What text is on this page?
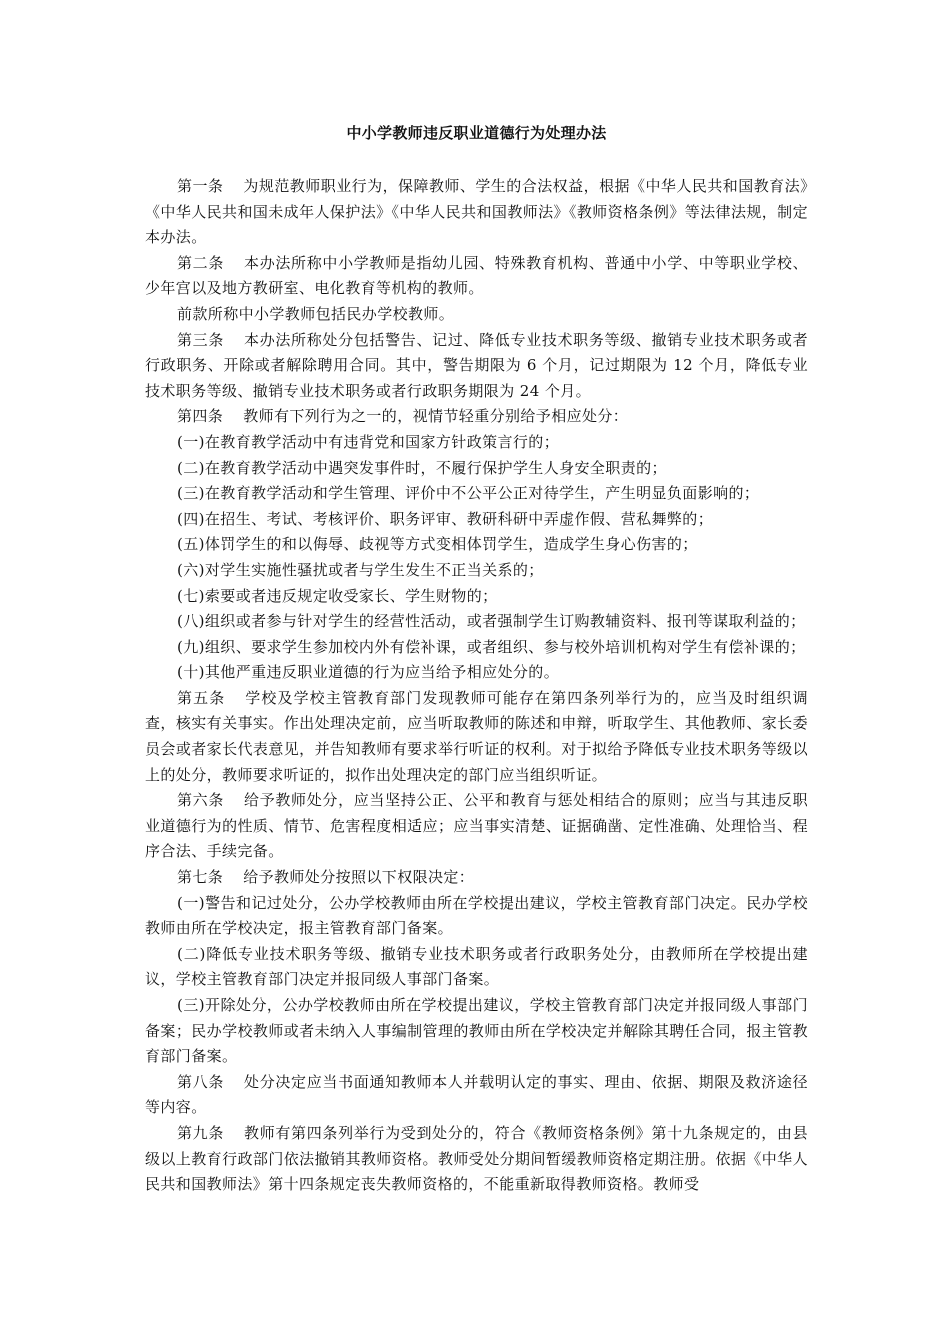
中小学教师违反职业道德行为处理办法

第一条 为规范教师职业行为，保障教师、学生的合法权益，根据《中华人民共和国教育法》《中华人民共和国未成年人保护法》《中华人民共和国教师法》《教师资格条例》等法律法规，制定本办法。

第二条 本办法所称中小学教师是指幼儿园、特殊教育机构、普通中小学、中等职业学校、少年宫以及地方教研室、电化教育等机构的教师。

前款所称中小学教师包括民办学校教师。

第三条 本办法所称处分包括警告、记过、降低专业技术职务等级、撤销专业技术职务或者行政职务、开除或者解除聘用合同。其中，警告期限为 6 个月，记过期限为 12 个月，降低专业技术职务等级、撤销专业技术职务或者行政职务期限为 24 个月。

第四条 教师有下列行为之一的，视情节轻重分别给予相应处分：

(一)在教育教学活动中有违背党和国家方针政策言行的；

(二)在教育教学活动中遇突发事件时，不履行保护学生人身安全职责的；

(三)在教育教学活动和学生管理、评价中不公平公正对待学生，产生明显负面影响的；

(四)在招生、考试、考核评价、职务评审、教研科研中弄虚作假、营私舞弊的；

(五)体罚学生的和以侮辱、歧视等方式变相体罚学生，造成学生身心伤害的；

(六)对学生实施性骚扰或者与学生发生不正当关系的；

(七)索要或者违反规定收受家长、学生财物的；

(八)组织或者参与针对学生的经营性活动，或者强制学生订购教辅资料、报刊等谋取利益的；

(九)组织、要求学生参加校内外有偿补课，或者组织、参与校外培训机构对学生有偿补课的；

(十)其他严重违反职业道德的行为应当给予相应处分的。

第五条 学校及学校主管教育部门发现教师可能存在第四条列举行为的，应当及时组织调查，核实有关事实。作出处理决定前，应当听取教师的陈述和申辩，听取学生、其他教师、家长委员会或者家长代表意见，并告知教师有要求举行听证的权利。对于拟给予降低专业技术职务等级以上的处分，教师要求听证的，拟作出处理决定的部门应当组织听证。

第六条 给予教师处分，应当坚持公正、公平和教育与惩处相结合的原则；应当与其违反职业道德行为的性质、情节、危害程度相适应；应当事实清楚、证据确凿、定性准确、处理恰当、程序合法、手续完备。

第七条 给予教师处分按照以下权限决定：

(一)警告和记过处分，公办学校教师由所在学校提出建议，学校主管教育部门决定。民办学校教师由所在学校决定，报主管教育部门备案。

(二)降低专业技术职务等级、撤销专业技术职务或者行政职务处分，由教师所在学校提出建议，学校主管教育部门决定并报同级人事部门备案。

(三)开除处分，公办学校教师由所在学校提出建议，学校主管教育部门决定并报同级人事部门备案；民办学校教师或者未纳入人事编制管理的教师由所在学校决定并解除其聘任合同，报主管教育部门备案。

第八条 处分决定应当书面通知教师本人并载明认定的事实、理由、依据、期限及救济途径等内容。

第九条 教师有第四条列举行为受到处分的，符合《教师资格条例》第十九条规定的，由县级以上教育行政部门依法撤销其教师资格。教师受处分期间暂缓教师资格定期注册。依据《中华人民共和国教师法》第十四条规定丧失教师资格的，不能重新取得教师资格。教师受
